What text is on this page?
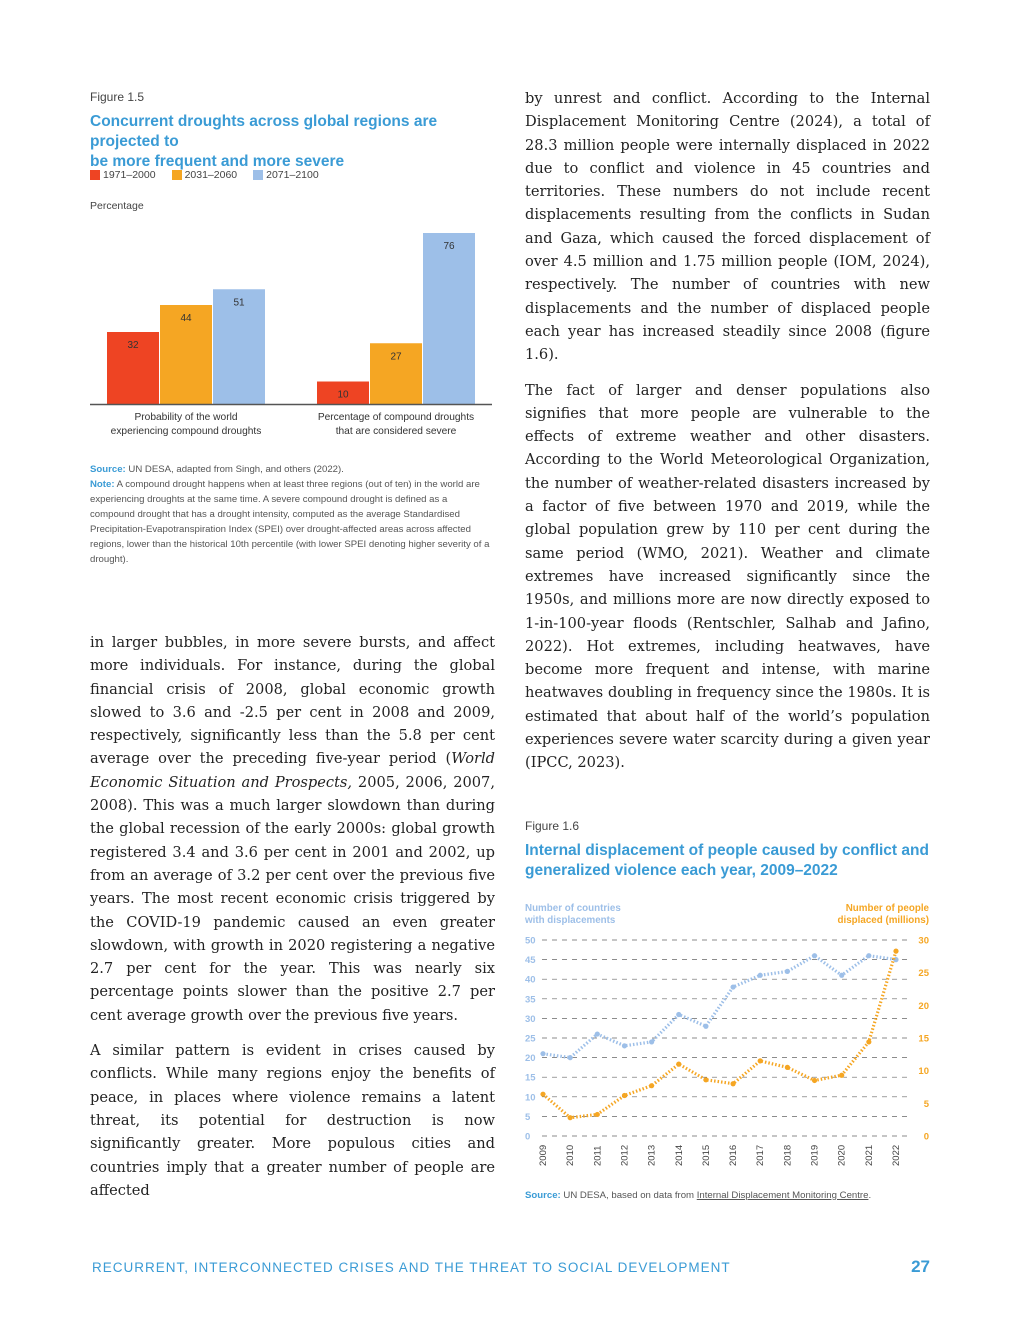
Figure 1.5
Concurrent droughts across global regions are projected to
be more frequent and more severe
1971–2000	2031–2060	2071–2100
Percentage
32
10
44
27
51
76
Probability of the world
experiencing compound droughts
Percentage of compound droughts
that are considered severe
Source: UN DESA, adapted from Singh, and others (2022).
Note: A compound drought happens when at least three regions (out of ten) in the world are experiencing droughts at the same time. A severe compound drought is defined as a compound drought that has a drought intensity, computed as the average Standardised Precipitation-Evapotranspiration Index (SPEI) over drought-affected areas across affected regions, lower than the historical 10th percentile (with lower SPEI denoting higher severity of a drought).

in larger bubbles, in more severe bursts, and affect more individuals. For instance, during the global financial crisis of 2008, global economic growth slowed to 3.6 and -2.5 per cent in 2008 and 2009, respectively, significantly less than the 5.8 per cent average over the preceding five-year period (World Economic Situation and Prospects, 2005, 2006, 2007, 2008). This was a much larger slowdown than during the global recession of the early 2000s: global growth registered 3.4 and 3.6 per cent in 2001 and 2002, up from an average of 3.2 per cent over the previous five years. The most recent economic crisis triggered by the COVID-19 pandemic caused an even greater slowdown, with growth in 2020 registering a negative 2.7 per cent for the year. This was nearly six percentage points slower than the positive 2.7 per cent average growth over the previous five years.

A similar pattern is evident in crises caused by conflicts. While many regions enjoy the benefits of peace, in places where violence remains a latent threat, its potential for destruction is now significantly greater. More populous cities and countries imply that a greater number of people are affected

by unrest and conflict. According to the Internal Displacement Monitoring Centre (2024), a total of 28.3 million people were internally displaced in 2022 due to conflict and violence in 45 countries and territories. These numbers do not include recent displacements resulting from the conflicts in Sudan and Gaza, which caused the forced displacement of over 4.5 million and 1.75 million people (IOM, 2024), respectively. The number of countries with new displacements and the number of displaced people each year has increased steadily since 2008 (figure 1.6).

The fact of larger and denser populations also signifies that more people are vulnerable to the effects of extreme weather and other disasters. According to the World Meteorological Organization, the number of weather-related disasters increased by a factor of five between 1970 and 2019, while the global population grew by 110 per cent during the same period (WMO, 2021). Weather and climate extremes have increased significantly since the 1950s, and millions more are now directly exposed to 1-in-100-year floods (Rentschler, Salhab and Jafino, 2022). Hot extremes, including heatwaves, have become more frequent and intense, with marine heatwaves doubling in frequency since the 1980s. It is estimated that about half of the world’s population experiences severe water scarcity during a given year (IPCC, 2023).

Figure 1.6
Internal displacement of people caused by conflict and
generalized violence each year, 2009–2022
Number of countries
with displacements
Number of people
displaced (millions)
0
5
10
15
20
25
30
35
40
45
50
0
5
10
15
20
25
30
2009 2010 2011 2012 2013 2014 2015 2016 2017 2018 2019 2020 2021 2022
Source: UN DESA, based on data from Internal Displacement Monitoring Centre.
RECURRENT, INTERCONNECTED CRISES AND THE THREAT TO SOCIAL DEVELOPMENT	27
